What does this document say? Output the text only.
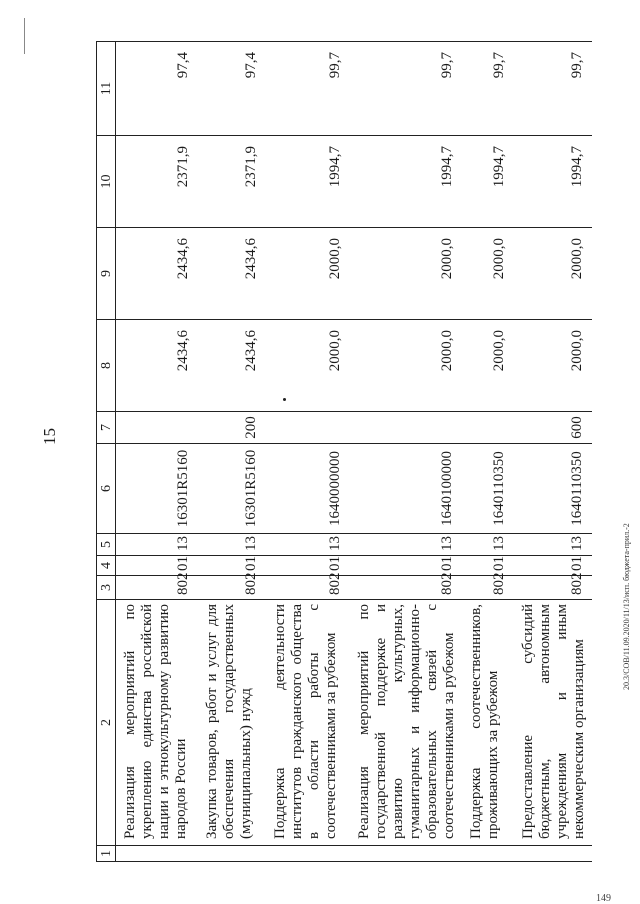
15
20.3/СОВ/11.09.2020/11/13/исп. бюджета-прил.-2
149
1	2	3	4	5	6	7	8	9	10	11
	Реализация мероприятий по укреплению единства российской нации и этнокультурному развитию народов России	802	01	13	16301R5160		2434,6	2434,6	2371,9	97,4
	Закупка товаров, работ и услуг для обеспечения государственных (муниципальных) нужд	802	01	13	16301R5160	200	2434,6	2434,6	2371,9	97,4
	Поддержка деятельности институтов гражданского общества в области работы с соотечественниками за рубежом	802	01	13	1640000000		2000,0	2000,0	1994,7	99,7
	Реализация мероприятий по государственной поддержке и развитию культурных, гуманитарных и информационно-образовательных связей с соотечественниками за рубежом	802	01	13	1640100000		2000,0	2000,0	1994,7	99,7
	Поддержка соотечественников, проживающих за рубежом	802	01	13	1640110350		2000,0	2000,0	1994,7	99,7
	Предоставление субсидий бюджетным, автономным учреждениям и иным некоммерческим организациям	802	01	13	1640110350	600	2000,0	2000,0	1994,7	99,7
